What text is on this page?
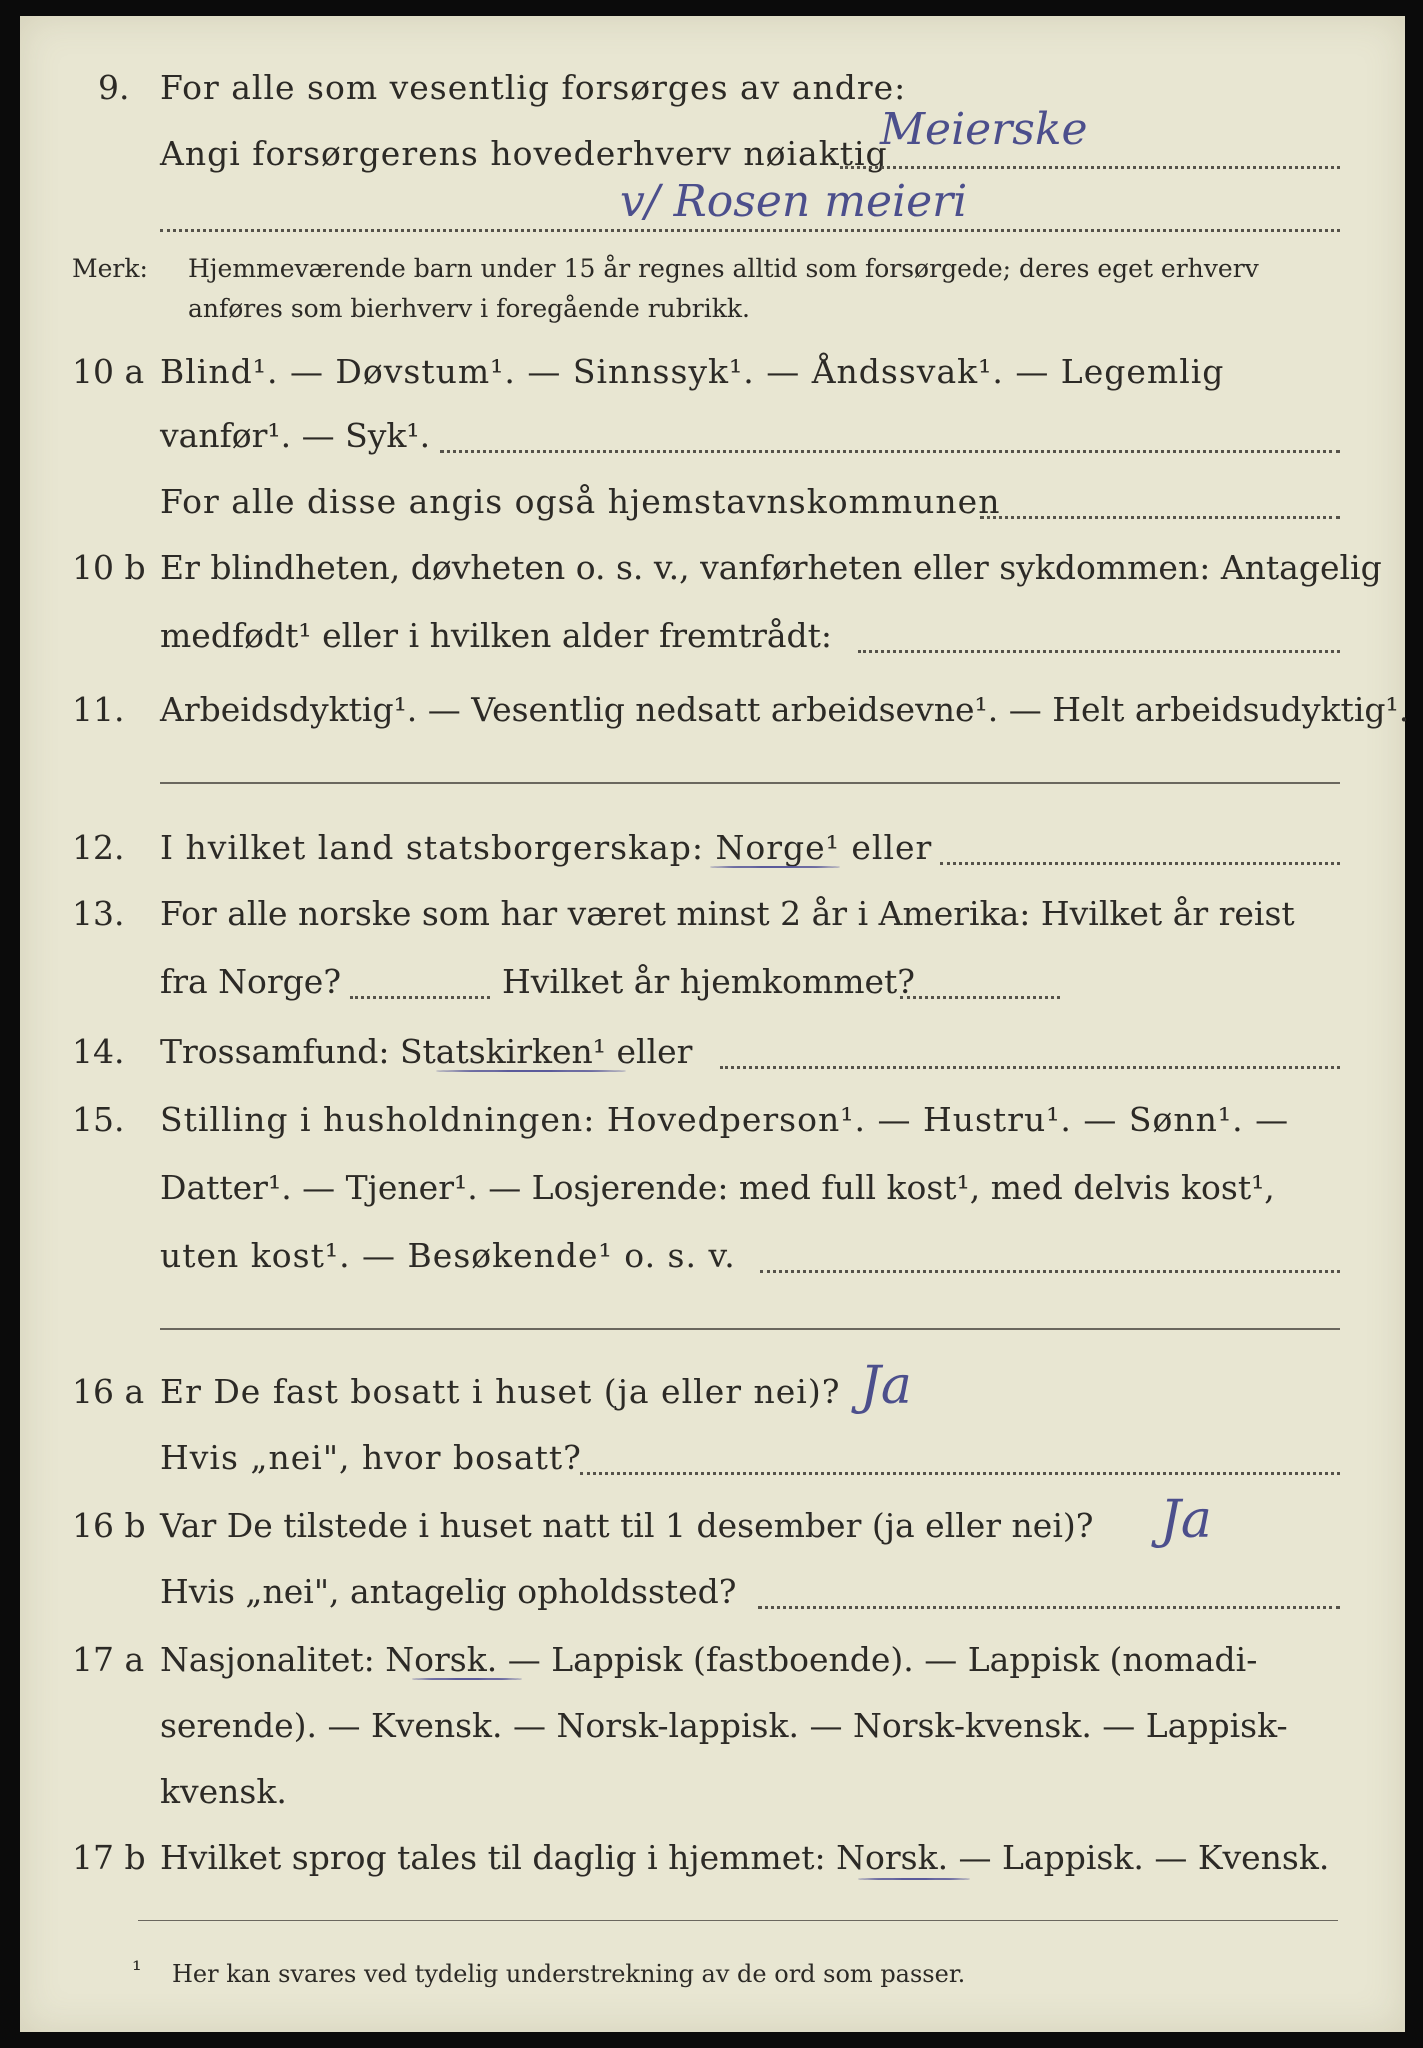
9. For alle som vesentlig forsørges av andre:
Angi forsørgerens hovederhverv nøiaktig
Meierske
v/ Rosen meieri
Merk: Hjemmeværende barn under 15 år regnes alltid som forsørgede; deres eget erhverv
anføres som bierhverv i foregående rubrikk.
10 a Blind¹. — Døvstum¹. — Sinnssyk¹. — Åndssvak¹. — Legemlig
vanfør¹. — Syk¹.
For alle disse angis også hjemstavnskommunen
10 b Er blindheten, døvheten o. s. v., vanførheten eller sykdommen: Antagelig
medfødt¹ eller i hvilken alder fremtrådt:
11. Arbeidsdyktig¹. — Vesentlig nedsatt arbeidsevne¹. — Helt arbeidsudyktig¹.
12. I hvilket land statsborgerskap: Norge¹ eller
13. For alle norske som har været minst 2 år i Amerika: Hvilket år reist
fra Norge?	Hvilket år hjemkommet?
14. Trossamfund: Statskirken¹ eller
15. Stilling i husholdningen: Hovedperson¹. — Hustru¹. — Sønn¹. —
Datter¹. — Tjener¹. — Losjerende: med full kost¹, med delvis kost¹,
uten kost¹. — Besøkende¹ o. s. v.
16 a Er De fast bosatt i huset (ja eller nei)? Ja
Hvis „nei", hvor bosatt?
16 b Var De tilstede i huset natt til 1 desember (ja eller nei)? Ja
Hvis „nei", antagelig opholdssted?
17 a Nasjonalitet: Norsk. — Lappisk (fastboende). — Lappisk (nomadi-
serende). — Kvensk. — Norsk-lappisk. — Norsk-kvensk. — Lappisk-
kvensk.
17 b Hvilket sprog tales til daglig i hjemmet: Norsk. — Lappisk. — Kvensk.
¹ Her kan svares ved tydelig understrekning av de ord som passer.
